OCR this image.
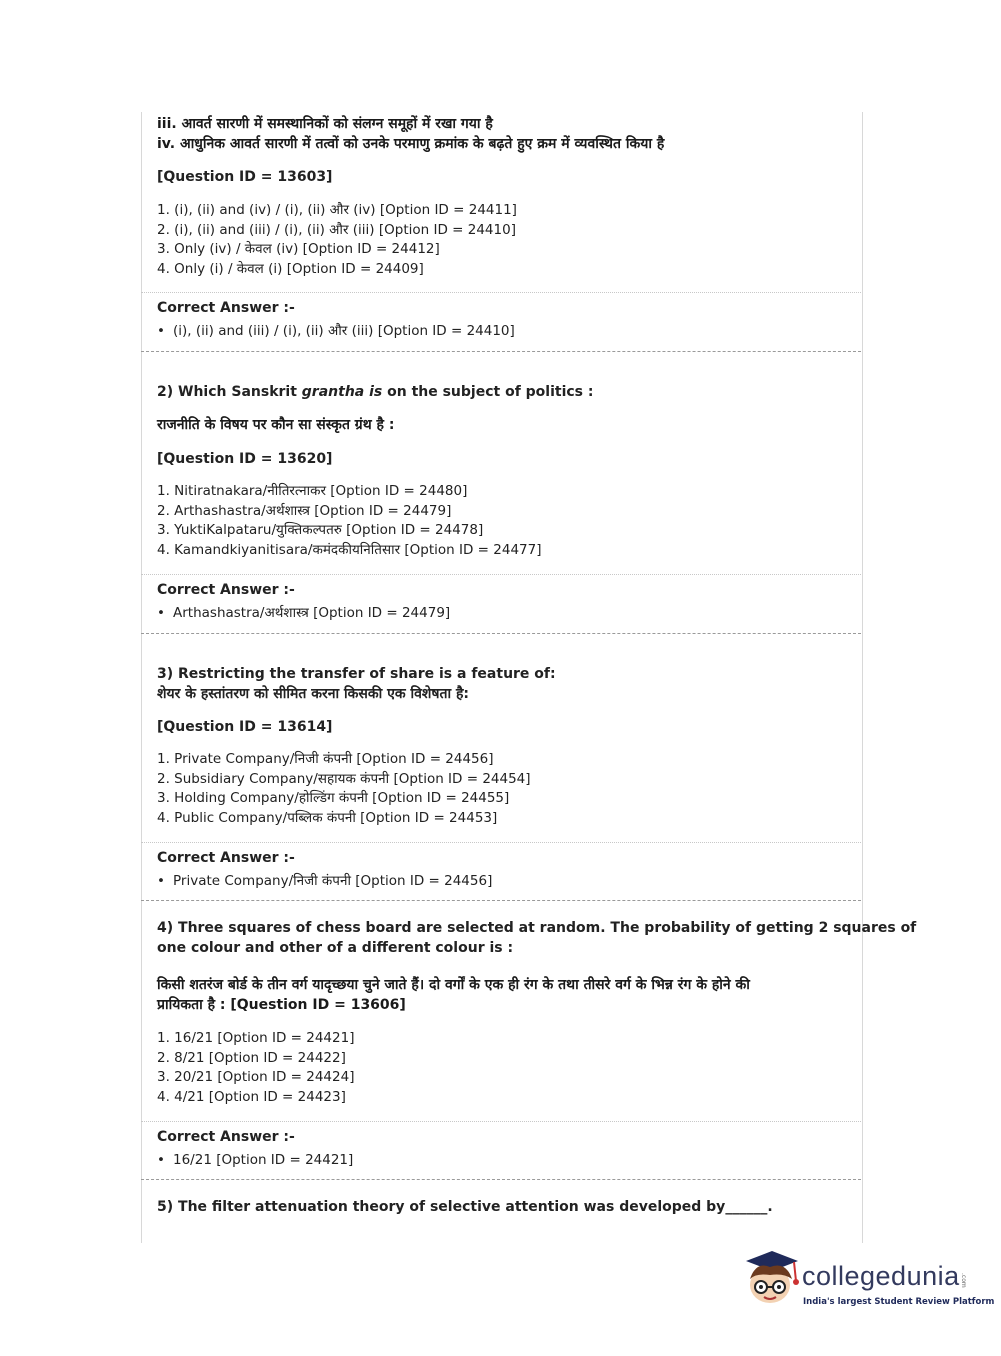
iii. आवर्त सारणी में समस्थानिकों को संलग्न समूहों में रखा गया है
iv. आधुनिक आवर्त सारणी में तत्वों को उनके परमाणु क्रमांक के बढ़ते हुए क्रम में व्यवस्थित किया है
[Question ID = 13603]
1. (i), (ii) and (iv) / (i), (ii) और (iv) [Option ID = 24411]
2. (i), (ii) and (iii) / (i), (ii) और (iii) [Option ID = 24410]
3. Only (iv) / केवल (iv) [Option ID = 24412]
4. Only (i) / केवल (i) [Option ID = 24409]
Correct Answer :-
• (i), (ii) and (iii) / (i), (ii) और (iii) [Option ID = 24410]
2) Which Sanskrit grantha is on the subject of politics :
राजनीति के विषय पर कौन सा संस्कृत ग्रंथ है :
[Question ID = 13620]
1. Nitiratnakara/नीतिरत्नाकर [Option ID = 24480]
2. Arthashastra/अर्थशास्त्र [Option ID = 24479]
3. YuktiKalpataru/युक्तिकल्पतरु [Option ID = 24478]
4. Kamandkiyanitisara/कमंदकीयनितिसार [Option ID = 24477]
Correct Answer :-
• Arthashastra/अर्थशास्त्र [Option ID = 24479]
3) Restricting the transfer of share is a feature of:
शेयर के हस्तांतरण को सीमित करना किसकी एक विशेषता है:
[Question ID = 13614]
1. Private Company/निजी कंपनी [Option ID = 24456]
2. Subsidiary Company/सहायक कंपनी [Option ID = 24454]
3. Holding Company/होल्डिंग कंपनी [Option ID = 24455]
4. Public Company/पब्लिक कंपनी [Option ID = 24453]
Correct Answer :-
• Private Company/निजी कंपनी [Option ID = 24456]
4) Three squares of chess board are selected at random. The probability of getting 2 squares of
one colour and other of a different colour is :
किसी शतरंज बोर्ड के तीन वर्ग यादृच्छया चुने जाते हैं। दो वर्गों के एक ही रंग के तथा तीसरे वर्ग के भिन्न रंग के होने की
प्रायिकता है : [Question ID = 13606]
1. 16/21 [Option ID = 24421]
2. 8/21 [Option ID = 24422]
3. 20/21 [Option ID = 24424]
4. 4/21 [Option ID = 24423]
Correct Answer :-
• 16/21 [Option ID = 24421]
5) The filter attenuation theory of selective attention was developed by______.
collegedunia .com
India's largest Student Review Platform
